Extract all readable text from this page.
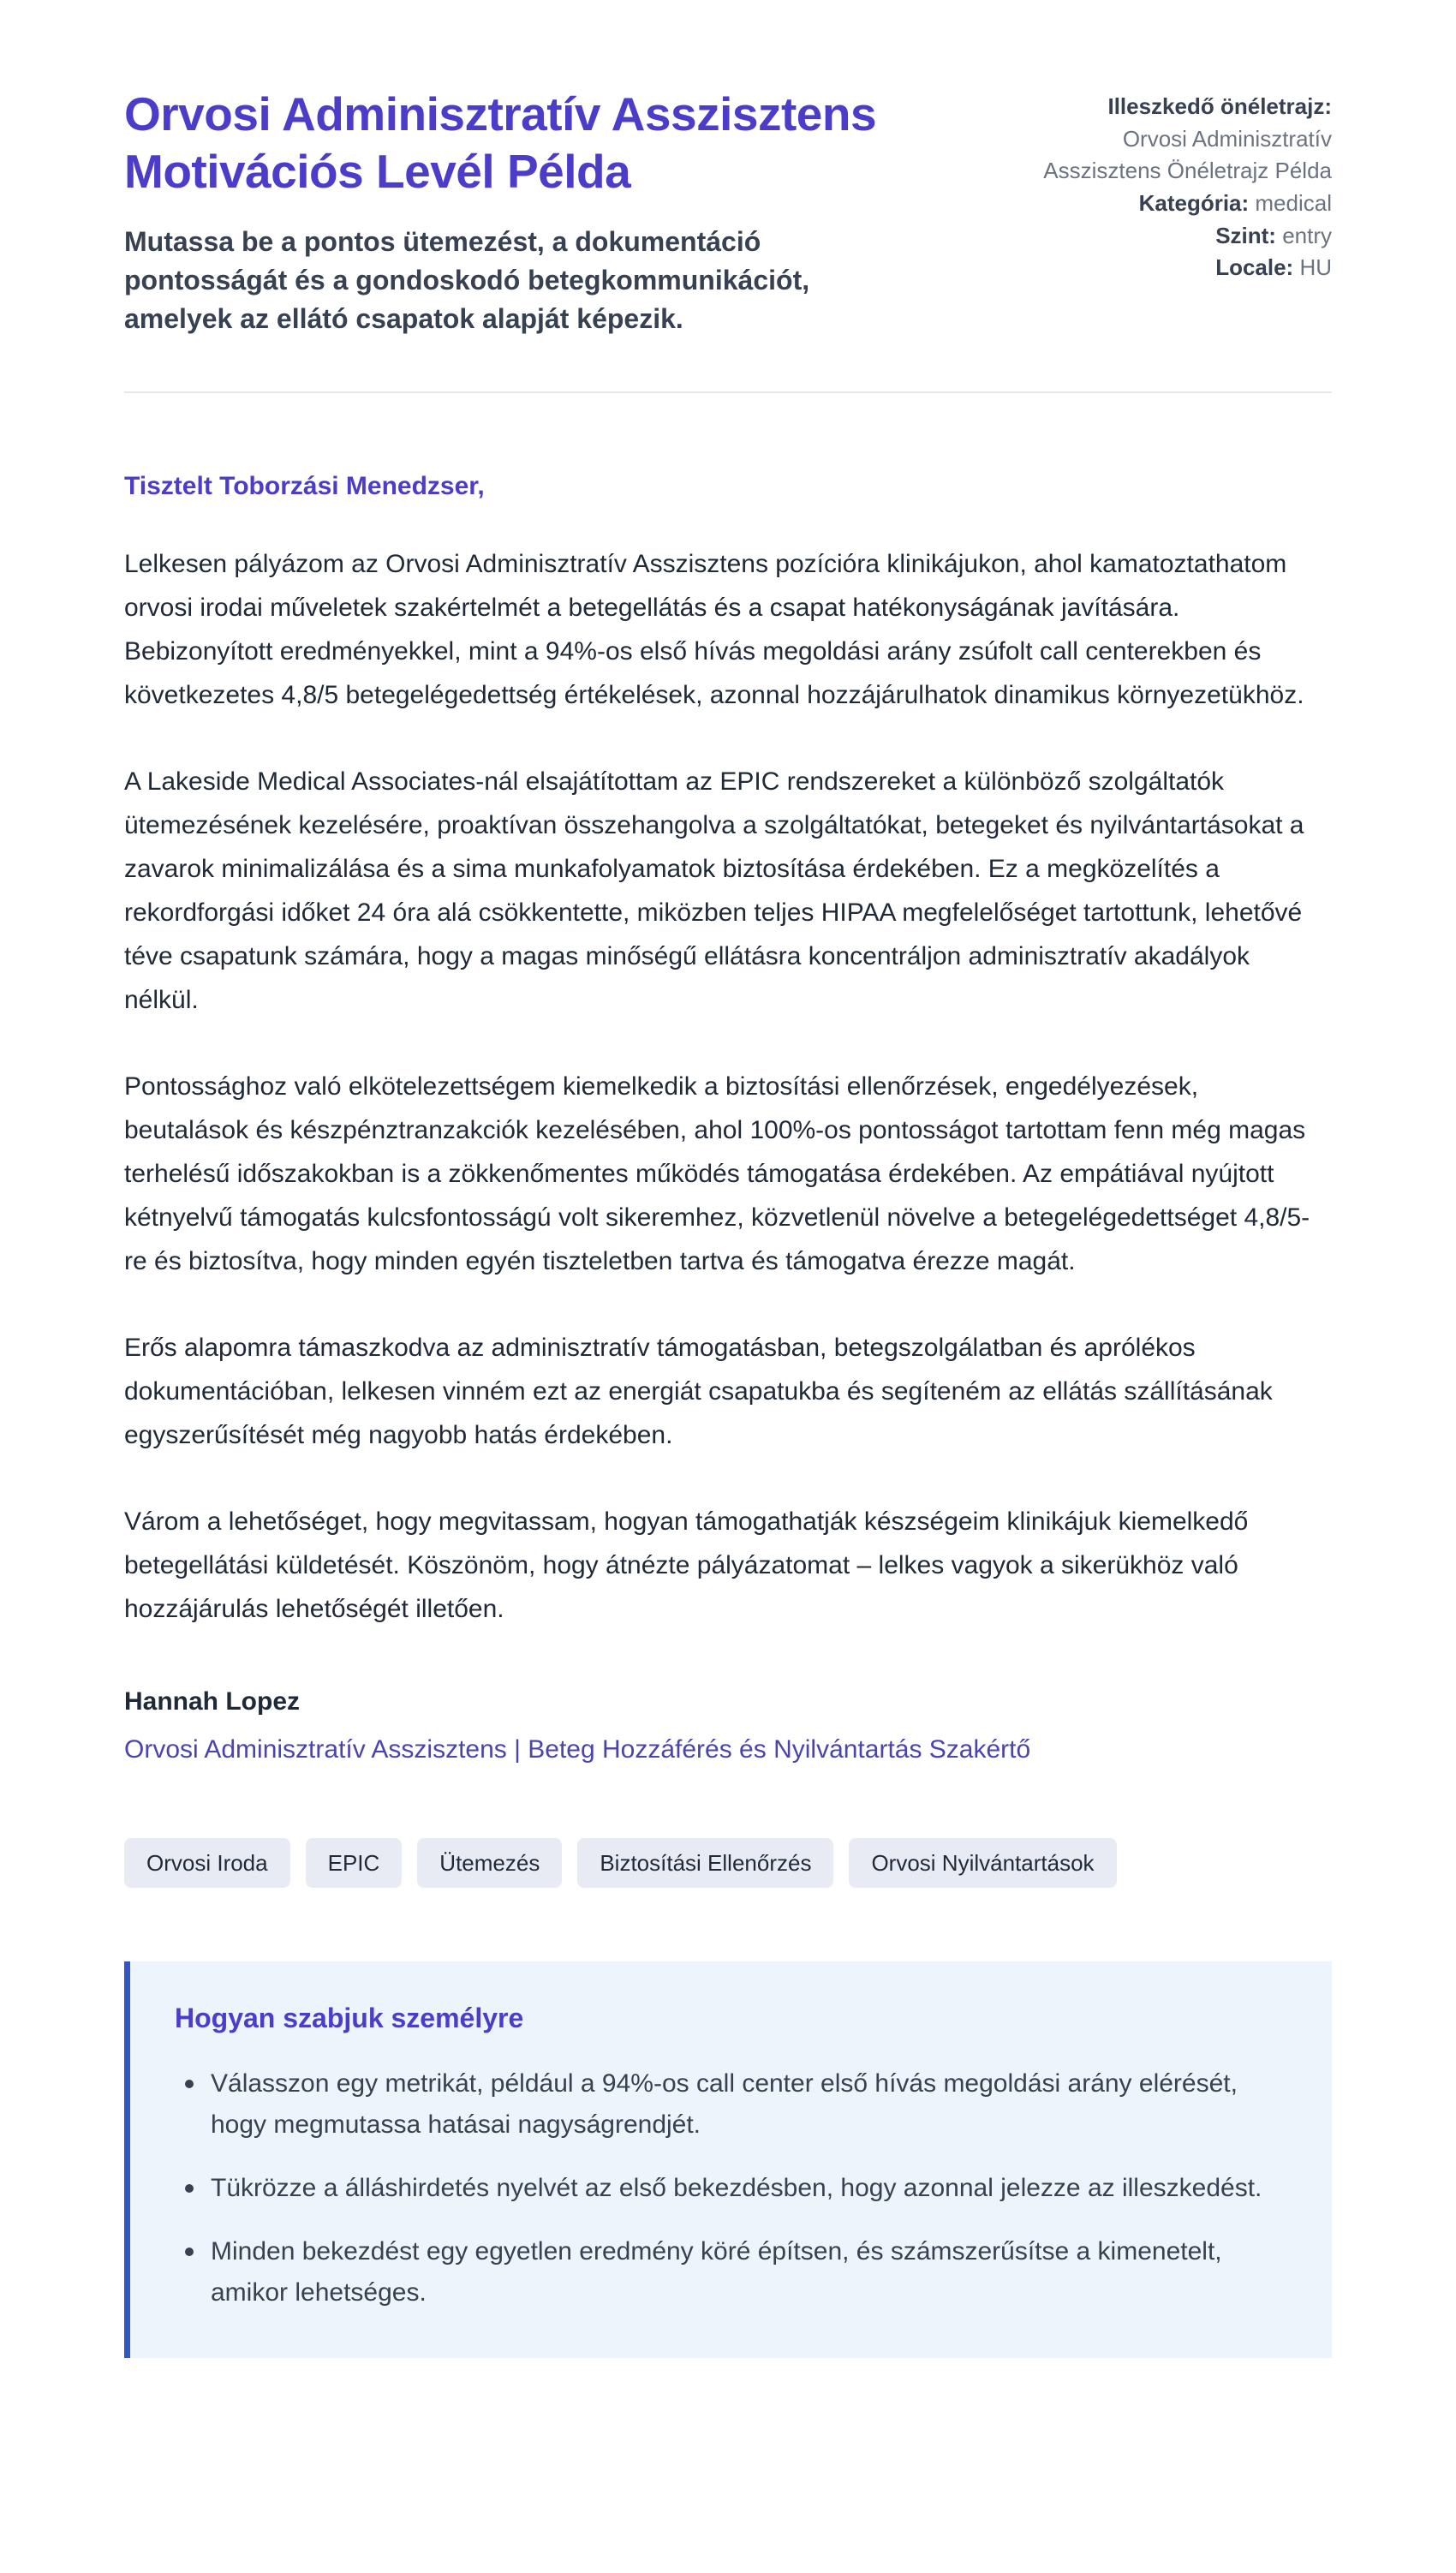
Orvosi Adminisztratív Asszisztens Motivációs Levél Példa
Mutassa be a pontos ütemezést, a dokumentáció pontosságát és a gondoskodó betegkommunikációt, amelyek az ellátó csapatok alapját képezik.
Illeszkedő önéletrajz: Orvosi Adminisztratív Asszisztens Önéletrajz Példa
Kategória: medical
Szint: entry
Locale: HU
Tisztelt Toborzási Menedzser,

Lelkesen pályázom az Orvosi Adminisztratív Asszisztens pozícióra klinikájukon, ahol kamatoztathatom orvosi irodai műveletek szakértelmét a betegellátás és a csapat hatékonyságának javítására. Bebizonyított eredményekkel, mint a 94%-os első hívás megoldási arány zsúfolt call centerekben és következetes 4,8/5 betegelégedettség értékelések, azonnal hozzájárulhatok dinamikus környezetükhöz.

A Lakeside Medical Associates-nál elsajátítottam az EPIC rendszereket a különböző szolgáltatók ütemezésének kezelésére, proaktívan összehangolva a szolgáltatókat, betegeket és nyilvántartásokat a zavarok minimalizálása és a sima munkafolyamatok biztosítása érdekében. Ez a megközelítés a rekordforgási időket 24 óra alá csökkentette, miközben teljes HIPAA megfelelőséget tartottunk, lehetővé téve csapatunk számára, hogy a magas minőségű ellátásra koncentráljon adminisztratív akadályok nélkül.

Pontossághoz való elkötelezettségem kiemelkedik a biztosítási ellenőrzések, engedélyezések, beutalások és készpénztranzakciók kezelésében, ahol 100%-os pontosságot tartottam fenn még magas terhelésű időszakokban is a zökkenőmentes működés támogatása érdekében. Az empátiával nyújtott kétnyelvű támogatás kulcsfontosságú volt sikeremhez, közvetlenül növelve a betegelégedettséget 4,8/5-re és biztosítva, hogy minden egyén tiszteletben tartva és támogatva érezze magát.

Erős alapomra támaszkodva az adminisztratív támogatásban, betegszolgálatban és aprólékos dokumentációban, lelkesen vinném ezt az energiát csapatukba és segíteném az ellátás szállításának egyszerűsítését még nagyobb hatás érdekében.

Várom a lehetőséget, hogy megvitassam, hogyan támogathatják készségeim klinikájuk kiemelkedő betegellátási küldetését. Köszönöm, hogy átnézte pályázatomat – lelkes vagyok a sikerükhöz való hozzájárulás lehetőségét illetően.

Hannah Lopez
Orvosi Adminisztratív Asszisztens | Beteg Hozzáférés és Nyilvántartás Szakértő
Orvosi Iroda	EPIC	Ütemezés	Biztosítási Ellenőrzés	Orvosi Nyilvántartások
Hogyan szabjuk személyre
Válasszon egy metrikát, például a 94%-os call center első hívás megoldási arány elérését, hogy megmutassa hatásai nagyságrendjét.
Tükrözze a álláshirdetés nyelvét az első bekezdésben, hogy azonnal jelezze az illeszkedést.
Minden bekezdést egy egyetlen eredmény köré építsen, és számszerűsítse a kimenetelt, amikor lehetséges.
